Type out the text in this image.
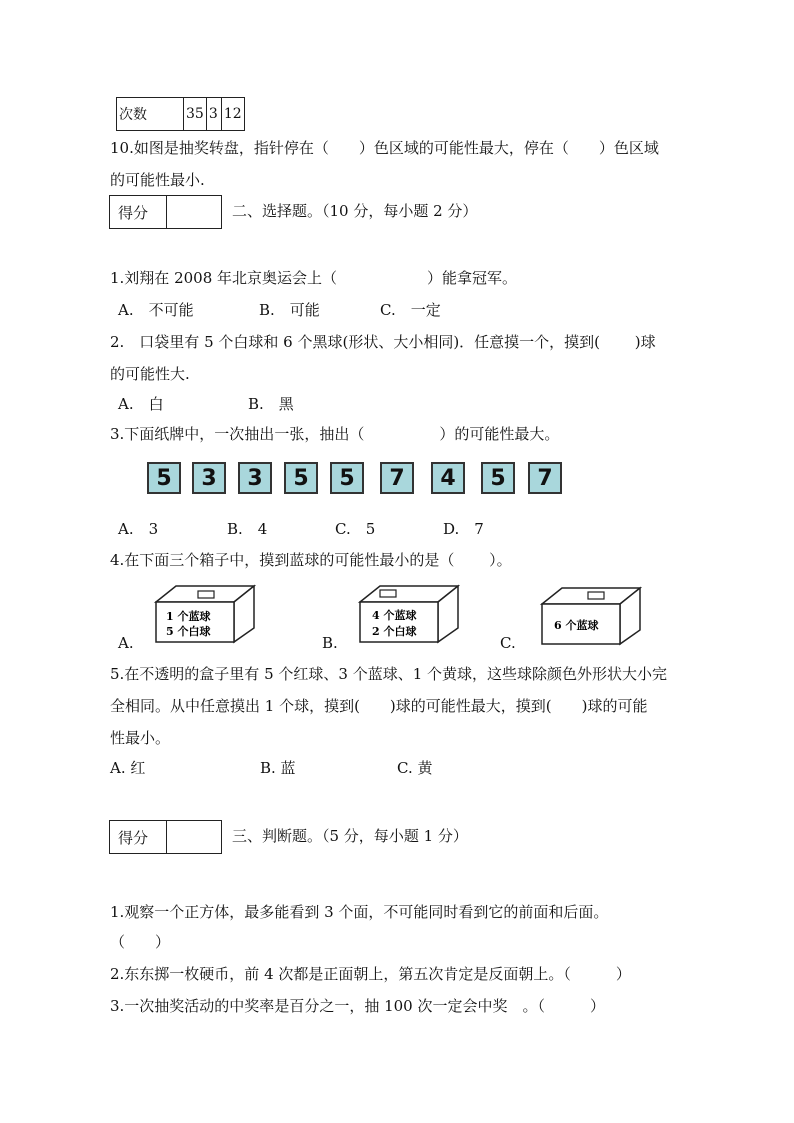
次数	35	3	12
10.如图是抽奖转盘，指针停在（　　）色区域的可能性最大，停在（　　）色区域
的可能性最小.
得分	二、选择题。（10 分，每小题 2 分）
1.刘翔在 2008 年北京奥运会上（　　　　　　）能拿冠军。
A.　不可能	B.　可能	C.　一定
2.　口袋里有 5 个白球和 6 个黑球(形状、大小相同)．任意摸一个，摸到(　　 )球
的可能性大.
A.　白	B.　黑
3.下面纸牌中，一次抽出一张，抽出（　　　　　）的可能性最大。
5	3	3	5	5	7	4	5	7
A.　3	B.　4	C.　5	D.　7
4.在下面三个箱子中，摸到蓝球的可能性最小的是（　　 ）。
A.
1 个蓝球
5 个白球
B.
4 个蓝球
2 个白球
C.
6 个蓝球
5.在不透明的盒子里有 5 个红球、3 个蓝球、1 个黄球，这些球除颜色外形状大小完
全相同。从中任意摸出 1 个球，摸到(　　)球的可能性最大，摸到(　　)球的可能
性最小。
A. 红	B. 蓝	C. 黄
得分	三、判断题。（5 分，每小题 1 分）
1.观察一个正方体，最多能看到 3 个面，不可能同时看到它的前面和后面。
（　　）
2.东东掷一枚硬币，前 4 次都是正面朝上，第五次肯定是反面朝上。（　　　）
3.一次抽奖活动的中奖率是百分之一，抽 100 次一定会中奖　。（　　　）
